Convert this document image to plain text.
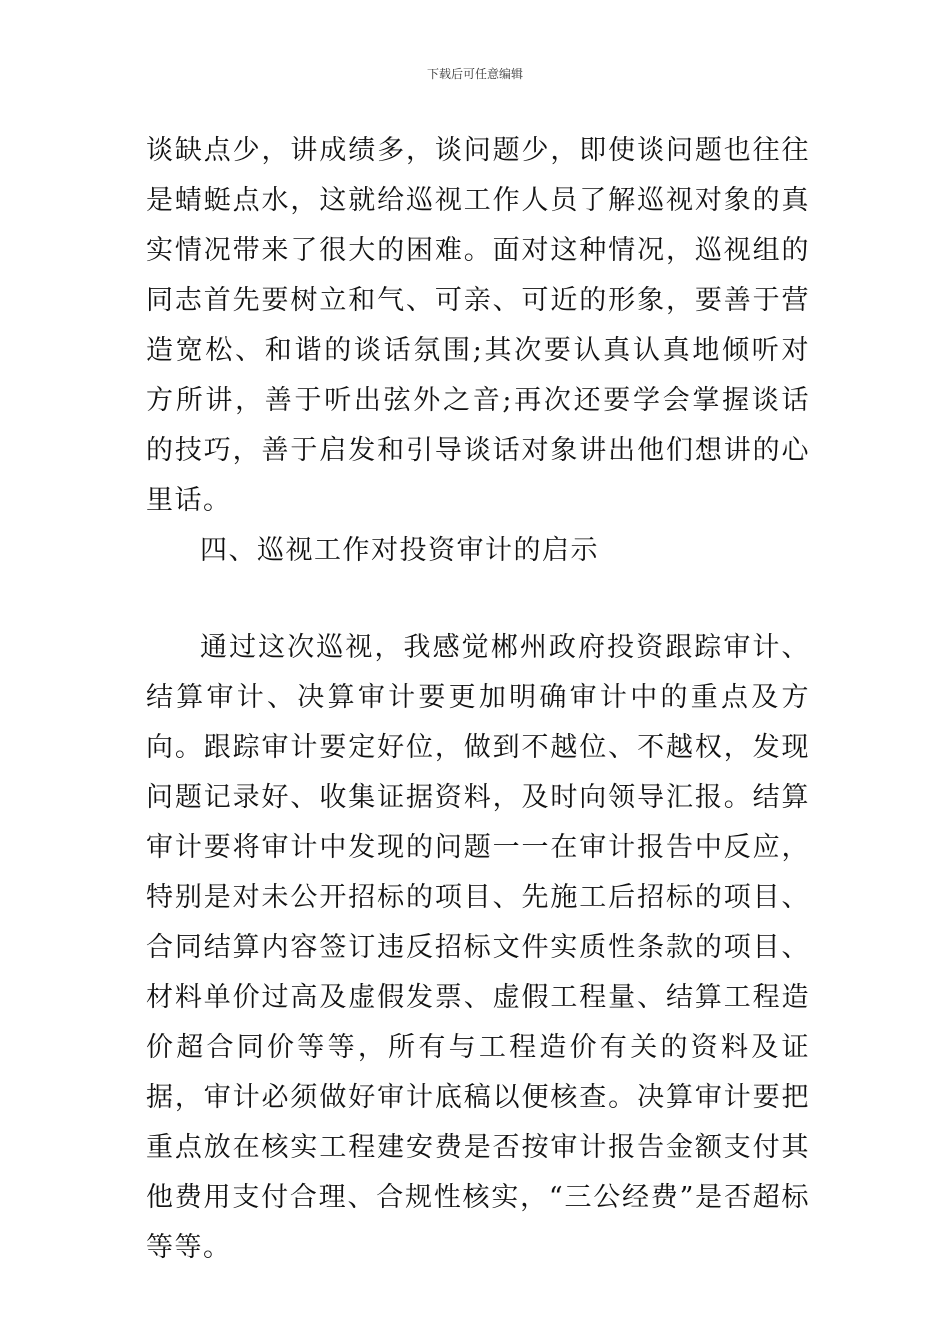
下载后可任意编辑

谈缺点少，讲成绩多，谈问题少，即使谈问题也往往是蜻蜓点水，这就给巡视工作人员了解巡视对象的真实情况带来了很大的困难。面对这种情况，巡视组的同志首先要树立和气、可亲、可近的形象，要善于营造宽松、和谐的谈话氛围;其次要认真认真地倾听对方所讲，善于听出弦外之音;再次还要学会掌握谈话的技巧，善于启发和引导谈话对象讲出他们想讲的心里话。

四、巡视工作对投资审计的启示

通过这次巡视，我感觉郴州政府投资跟踪审计、结算审计、决算审计要更加明确审计中的重点及方向。跟踪审计要定好位，做到不越位、不越权，发现问题记录好、收集证据资料，及时向领导汇报。结算审计要将审计中发现的问题一一在审计报告中反应，特别是对未公开招标的项目、先施工后招标的项目、合同结算内容签订违反招标文件实质性条款的项目、材料单价过高及虚假发票、虚假工程量、结算工程造价超合同价等等，所有与工程造价有关的资料及证据，审计必须做好审计底稿以便核查。决算审计要把重点放在核实工程建安费是否按审计报告金额支付其他费用支付合理、合规性核实，“三公经费”是否超标等等。
